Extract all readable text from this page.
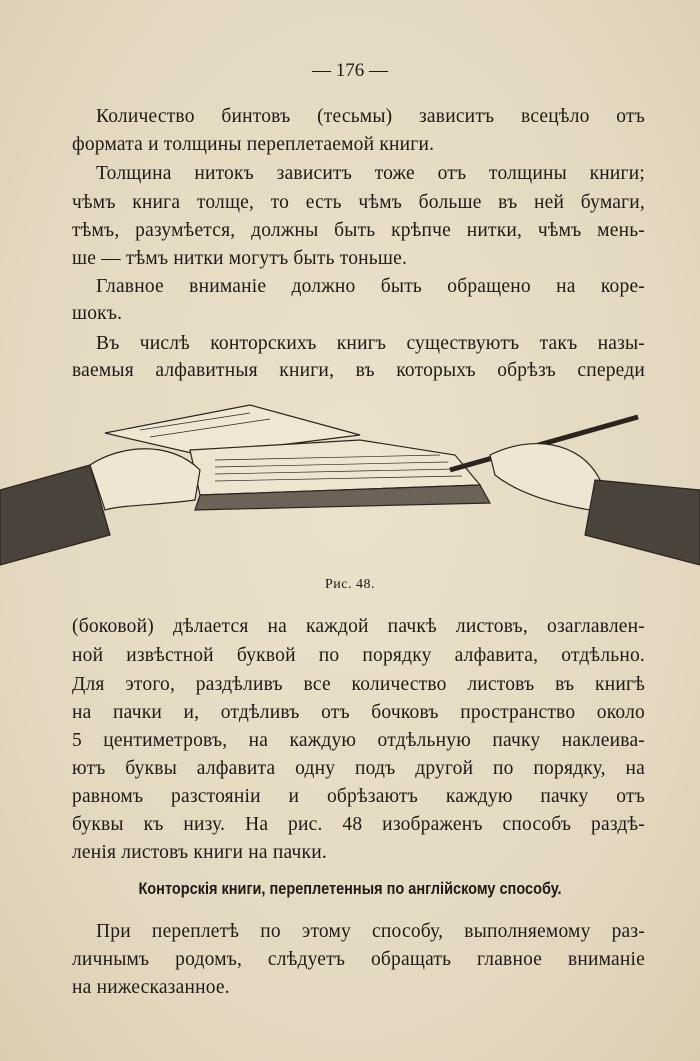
— 176 —
Количество бинтовъ (тесьмы) зависитъ всецѣло отъ
формата и толщины переплетаемой книги.
Толщина нитокъ зависитъ тоже отъ толщины книги;
чѣмъ книга толще, то есть чѣмъ больше въ ней бумаги,
тѣмъ, разумѣется, должны быть крѣпче нитки, чѣмъ мень-
ше — тѣмъ нитки могутъ быть тоньше.
Главное вниманіе должно быть обращено на коре-
шокъ.
Въ числѣ конторскихъ книгъ существуютъ такъ назы-
ваемыя алфавитныя книги, въ которыхъ обрѣзъ спереди
Рис. 48.
(боковой) дѣлается на каждой пачкѣ листовъ, озаглавлен-
ной извѣстной буквой по порядку алфавита, отдѣльно.
Для этого, раздѣливъ все количество листовъ въ книгѣ
на пачки и, отдѣливъ отъ бочковъ пространство около
5 центиметровъ, на каждую отдѣльную пачку наклеива-
ютъ буквы алфавита одну подъ другой по порядку, на
равномъ разстояніи и обрѣзаютъ каждую пачку отъ
буквы къ низу. На рис. 48 изображенъ способъ раздѣ-
ленія листовъ книги на пачки.
Конторскія книги, переплетенныя по англійскому способу.
При переплетѣ по этому способу, выполняемому раз-
личнымъ родомъ, слѣдуетъ обращать главное вниманіе
на нижесказанное.
